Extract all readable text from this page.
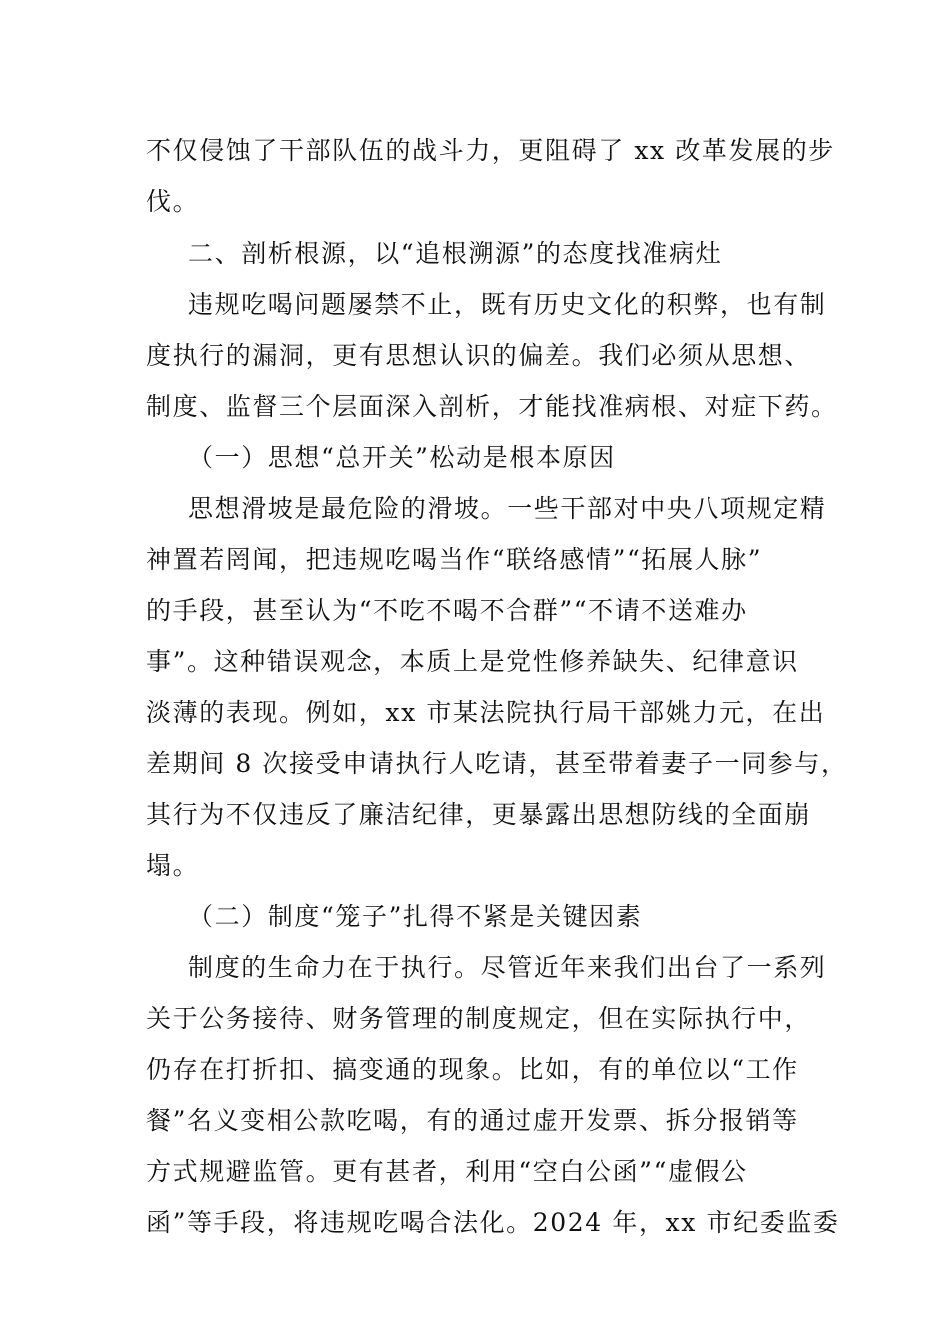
不仅侵蚀了干部队伍的战斗力，更阻碍了 xx 改革发展的步
伐。
二、剖析根源，以“追根溯源”的态度找准病灶
违规吃喝问题屡禁不止，既有历史文化的积弊，也有制
度执行的漏洞，更有思想认识的偏差。我们必须从思想、
制度、监督三个层面深入剖析，才能找准病根、对症下药。
（一）思想“总开关”松动是根本原因
思想滑坡是最危险的滑坡。一些干部对中央八项规定精
神置若罔闻，把违规吃喝当作“联络感情”“拓展人脉”
的手段，甚至认为“不吃不喝不合群”“不请不送难办
事”。这种错误观念，本质上是党性修养缺失、纪律意识
淡薄的表现。例如，xx 市某法院执行局干部姚力元，在出
差期间 8 次接受申请执行人吃请，甚至带着妻子一同参与，
其行为不仅违反了廉洁纪律，更暴露出思想防线的全面崩
塌。
（二）制度“笼子”扎得不紧是关键因素
制度的生命力在于执行。尽管近年来我们出台了一系列
关于公务接待、财务管理的制度规定，但在实际执行中，
仍存在打折扣、搞变通的现象。比如，有的单位以“工作
餐”名义变相公款吃喝，有的通过虚开发票、拆分报销等
方式规避监管。更有甚者，利用“空白公函”“虚假公
函”等手段，将违规吃喝合法化。2024 年，xx 市纪委监委
